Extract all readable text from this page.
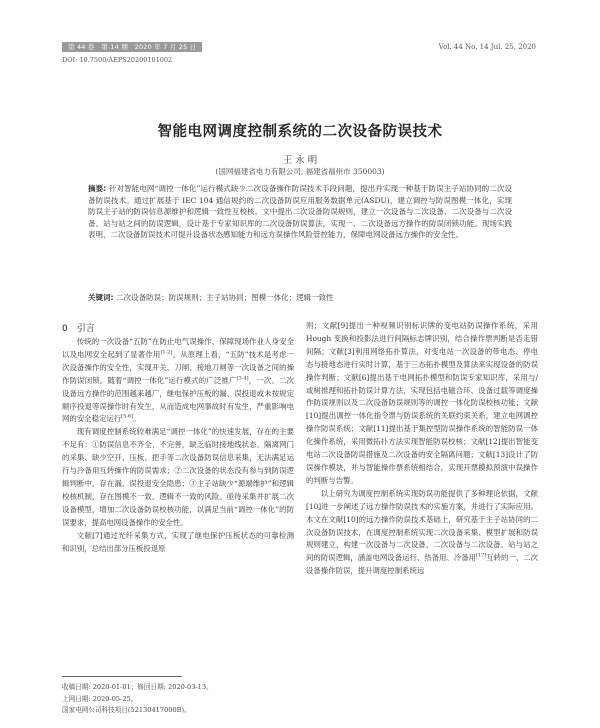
第 44 卷　第 14 期　2020 年 7 月 25 日	Vol. 44 No. 14 Jul. 25, 2020
DOI: 10.7500/AEPS20200101002
智能电网调度控制系统的二次设备防误技术
王 永 明
(国网福建省电力有限公司, 福建省福州市 350003)
摘要: 针对智能电网“调控一体化”运行模式缺少二次设备操作防误技术手段问题，提出并实现一种基于防误主子站协同的二次设备防误技术。通过扩展基于 IEC 104 通信规约的二次设备防误应用服务数据单元(ASDU)，建立调控与防误图模一体化，实现防误主子站的防误信息源维护和逻辑一致性互校核。文中提出二次设备防误规则，建立一次设备与二次设备、二次设备与二次设备、站与站之间的防误逻辑，设计基于专家知识库的二次设备防误算法，实现一、二次设备远方操作的防误闭锁功能。现场实践表明，二次设备防误技术可提升设备状态感知能力和远方误操作风险管控能力，保障电网设备远方操作的安全性。
关键词: 二次设备防误；防误规则；主子站协同；图模一体化；逻辑一致性
0　引言

传统的一次设备“五防”在防止电气误操作、保障现场作业人身安全以及电网安全起到了显著作用[1-2]。从原理上看，“五防”技术是考虑一次设备操作的安全性，实现开关、刀闸、接地刀闸等一次设备之间的操作防误闭锁。随着“调控一体化”运行模式的广泛推广[3-4]，一次、二次设备远方操作的范围越来越广，继电保护压板的漏、误投退或未按规定顺序投退等误操作时有发生，从而造成电网事故时有发生，严重影响电网的安全稳定运行[5-6]。

现有调度控制系统较难满足“调控一体化”的快速发展，存在的主要不足有：①防误信息不齐全、不完善，缺乏临时接地线状态、隔离网门的采集、缺少空开、压板、把手等二次设备防误信息采集，无法满足运行与冷备用互转操作的防误需求；②二次设备的状态没有参与到防误逻辑判断中，存在漏、误投退安全隐患；③主子站缺少“源端维护”和逻辑校核机制，存在图模不一致、逻辑不一致的风险。亟待采集并扩展二次设备模型，增加二次设备防误校核功能，以满足当前“调控一体化”的防误要求，提高电网设备操作的安全性。

文献[7]通过光纤采集方式，实现了继电保护压板状态的可靠检测和识别，总结出部分压板投退原

则；文献[9]提出一种视频识别标识牌的变电站防误操作系统，采用 Hough 变换和投影法进行间隔标志牌识别，结合操作票判断是否走错间隔；文献[3]利用网络拓扑算法，对变电站一次设备的带电态、停电态与接地态进行实时计算，基于三态拓扑模型及算法来实现设备的防误操作判断；文献[6]提出基于电网拓扑模型和防误专家知识库，采用与/或树推理和拓扑防误计算方法，实现包括电磁合环、设备过载等调度操作防误规则以及二次设备防误规则等的调控一体化防误校核功能；文献[10]提出调控一体化指令票与防误系统的关联约束关系，建立电网调控操作防误系统；文献[11]提出基于集控型防误操作系统的智能防误一体化操作系统，采用微拓扑方法实现智能防误校核；文献[12]提出智能变电站二次设备防误措施及二次设备的安全隔离问题；文献[13]设计了防误操作模块，并与智能操作票系统相结合，实现开票模拟预演中误操作的判断与告警。

以上研究为调度控制系统实现防误功能提供了多种理论依据，文献[10]进一步阐述了远方操作防误技术的实施方案，并进行了实际应用。本文在文献[10]的远方操作防误技术基础上，研究基于主子站协同的二次设备防误技术，在调度控制系统实现二次设备采集、模型扩展和防误规则建立，构建一次设备与二次设备、二次设备与二次设备、站与站之间的防误逻辑，涵盖电网设备运行、热备用、冷备用[17]互转的一、二次设备操作防误，提升调度控制系统远

收稿日期: 2020-01-01；修回日期: 2020-03-13。
上网日期: 2020-05-25。
国家电网公司科技项目(52130417000B)。
